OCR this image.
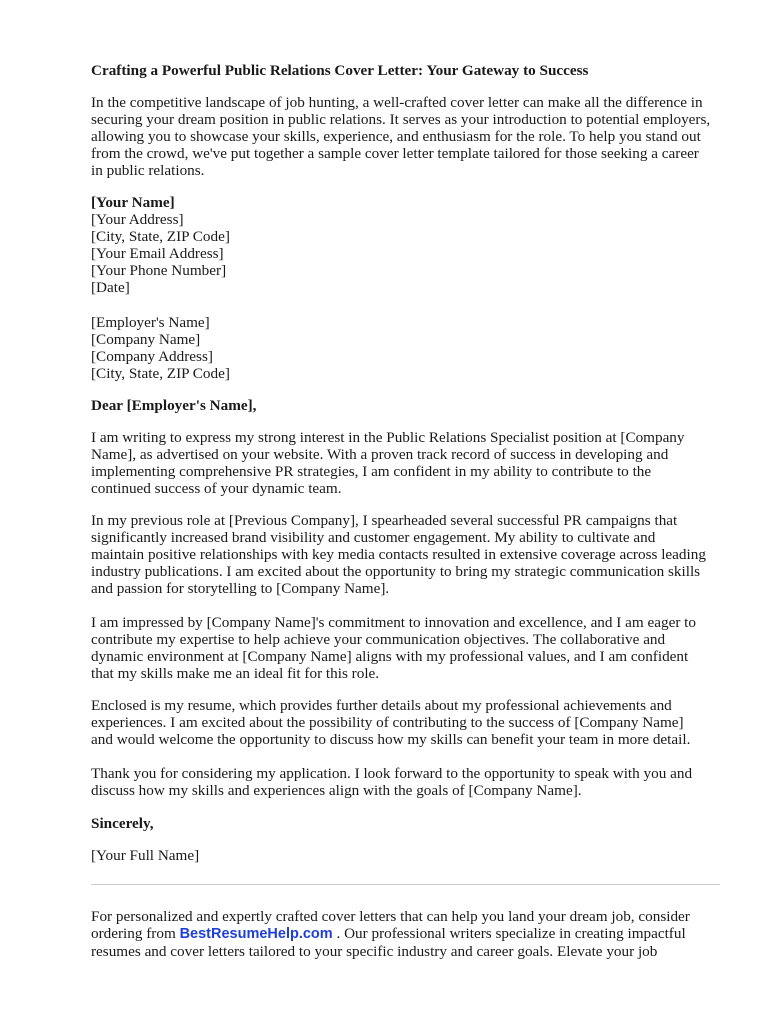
Crafting a Powerful Public Relations Cover Letter: Your Gateway to Success
In the competitive landscape of job hunting, a well-crafted cover letter can make all the difference in
securing your dream position in public relations. It serves as your introduction to potential employers,
allowing you to showcase your skills, experience, and enthusiasm for the role. To help you stand out
from the crowd, we've put together a sample cover letter template tailored for those seeking a career
in public relations.
[Your Name]
[Your Address]
[City, State, ZIP Code]
[Your Email Address]
[Your Phone Number]
[Date]
[Employer's Name]
[Company Name]
[Company Address]
[City, State, ZIP Code]
Dear [Employer's Name],
I am writing to express my strong interest in the Public Relations Specialist position at [Company
Name], as advertised on your website. With a proven track record of success in developing and
implementing comprehensive PR strategies, I am confident in my ability to contribute to the
continued success of your dynamic team.
In my previous role at [Previous Company], I spearheaded several successful PR campaigns that
significantly increased brand visibility and customer engagement. My ability to cultivate and
maintain positive relationships with key media contacts resulted in extensive coverage across leading
industry publications. I am excited about the opportunity to bring my strategic communication skills
and passion for storytelling to [Company Name].
I am impressed by [Company Name]'s commitment to innovation and excellence, and I am eager to
contribute my expertise to help achieve your communication objectives. The collaborative and
dynamic environment at [Company Name] aligns with my professional values, and I am confident
that my skills make me an ideal fit for this role.
Enclosed is my resume, which provides further details about my professional achievements and
experiences. I am excited about the possibility of contributing to the success of [Company Name]
and would welcome the opportunity to discuss how my skills can benefit your team in more detail.
Thank you for considering my application. I look forward to the opportunity to speak with you and
discuss how my skills and experiences align with the goals of [Company Name].
Sincerely,
[Your Full Name]
For personalized and expertly crafted cover letters that can help you land your dream job, consider
ordering from BestResumeHelp.com . Our professional writers specialize in creating impactful
resumes and cover letters tailored to your specific industry and career goals. Elevate your job
